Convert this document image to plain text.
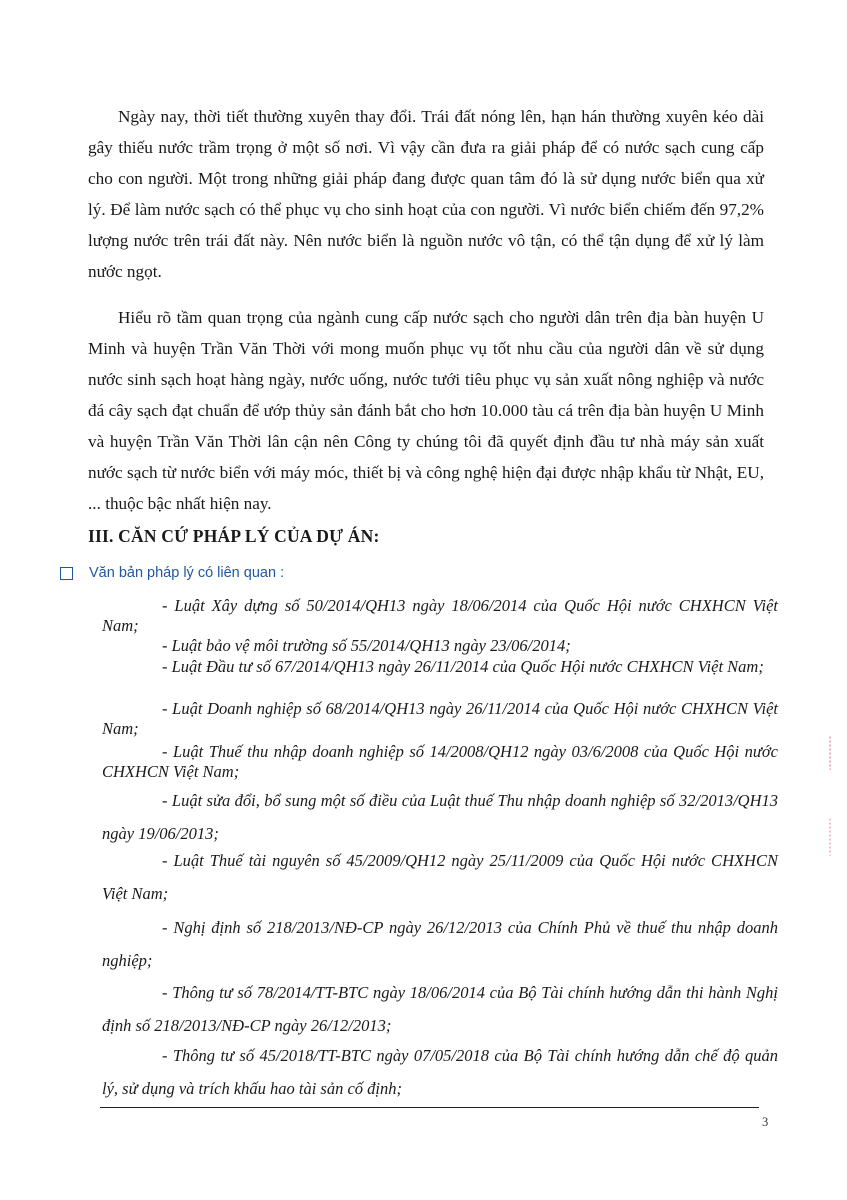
Ngày nay, thời tiết thường xuyên thay đổi. Trái đất nóng lên, hạn hán thường xuyên kéo dài gây thiếu nước trầm trọng ở một số nơi. Vì vậy cần đưa ra giải pháp để có nước sạch cung cấp cho con người. Một trong những giải pháp đang được quan tâm đó là sử dụng nước biển qua xử lý. Để làm nước sạch có thể phục vụ cho sinh hoạt của con người. Vì nước biển chiếm đến 97,2% lượng nước trên trái đất này. Nên nước biển là nguồn nước vô tận, có thể tận dụng để xử lý làm nước ngọt.

Hiểu rõ tầm quan trọng của ngành cung cấp nước sạch cho người dân trên địa bàn huyện U Minh và huyện Trần Văn Thời với mong muốn phục vụ tốt nhu cầu của người dân về sử dụng nước sinh sạch hoạt hàng ngày, nước uống, nước tưới tiêu phục vụ sản xuất nông nghiệp và nước đá cây sạch đạt chuẩn để ướp thủy sản đánh bắt cho hơn 10.000 tàu cá trên địa bàn huyện U Minh và huyện Trần Văn Thời lân cận nên Công ty chúng tôi đã quyết định đầu tư nhà máy sản xuất nước sạch từ nước biển với máy móc, thiết bị và công nghệ hiện đại được nhập khẩu từ Nhật, EU, ... thuộc bậc nhất hiện nay.

III. CĂN CỨ PHÁP LÝ CỦA DỰ ÁN:
Văn bản pháp lý có liên quan :

- Luật Xây dựng số 50/2014/QH13 ngày 18/06/2014 của Quốc Hội nước CHXHCN Việt Nam;

- Luật bảo vệ môi trường số 55/2014/QH13 ngày 23/06/2014;

- Luật Đầu tư số 67/2014/QH13 ngày 26/11/2014 của Quốc Hội nước CHXHCN Việt Nam;

- Luật Doanh nghiệp số 68/2014/QH13 ngày 26/11/2014 của Quốc Hội nước CHXHCN Việt Nam;

- Luật Thuế thu nhập doanh nghiệp số 14/2008/QH12 ngày 03/6/2008 của Quốc Hội nước CHXHCN Việt Nam;

- Luật sửa đổi, bổ sung một số điều của Luật thuế Thu nhập doanh nghiệp số 32/2013/QH13 ngày 19/06/2013;

- Luật Thuế tài nguyên số 45/2009/QH12 ngày 25/11/2009 của Quốc Hội nước CHXHCN Việt Nam;

- Nghị định số 218/2013/NĐ-CP ngày 26/12/2013 của Chính Phủ về thuế thu nhập doanh nghiệp;

- Thông tư số 78/2014/TT-BTC ngày 18/06/2014 của Bộ Tài chính hướng dẫn thi hành Nghị định số 218/2013/NĐ-CP ngày 26/12/2013;

- Thông tư số 45/2018/TT-BTC ngày 07/05/2018 của Bộ Tài chính hướng dẫn chế độ quản lý, sử dụng và trích khấu hao tài sản cố định;

3
